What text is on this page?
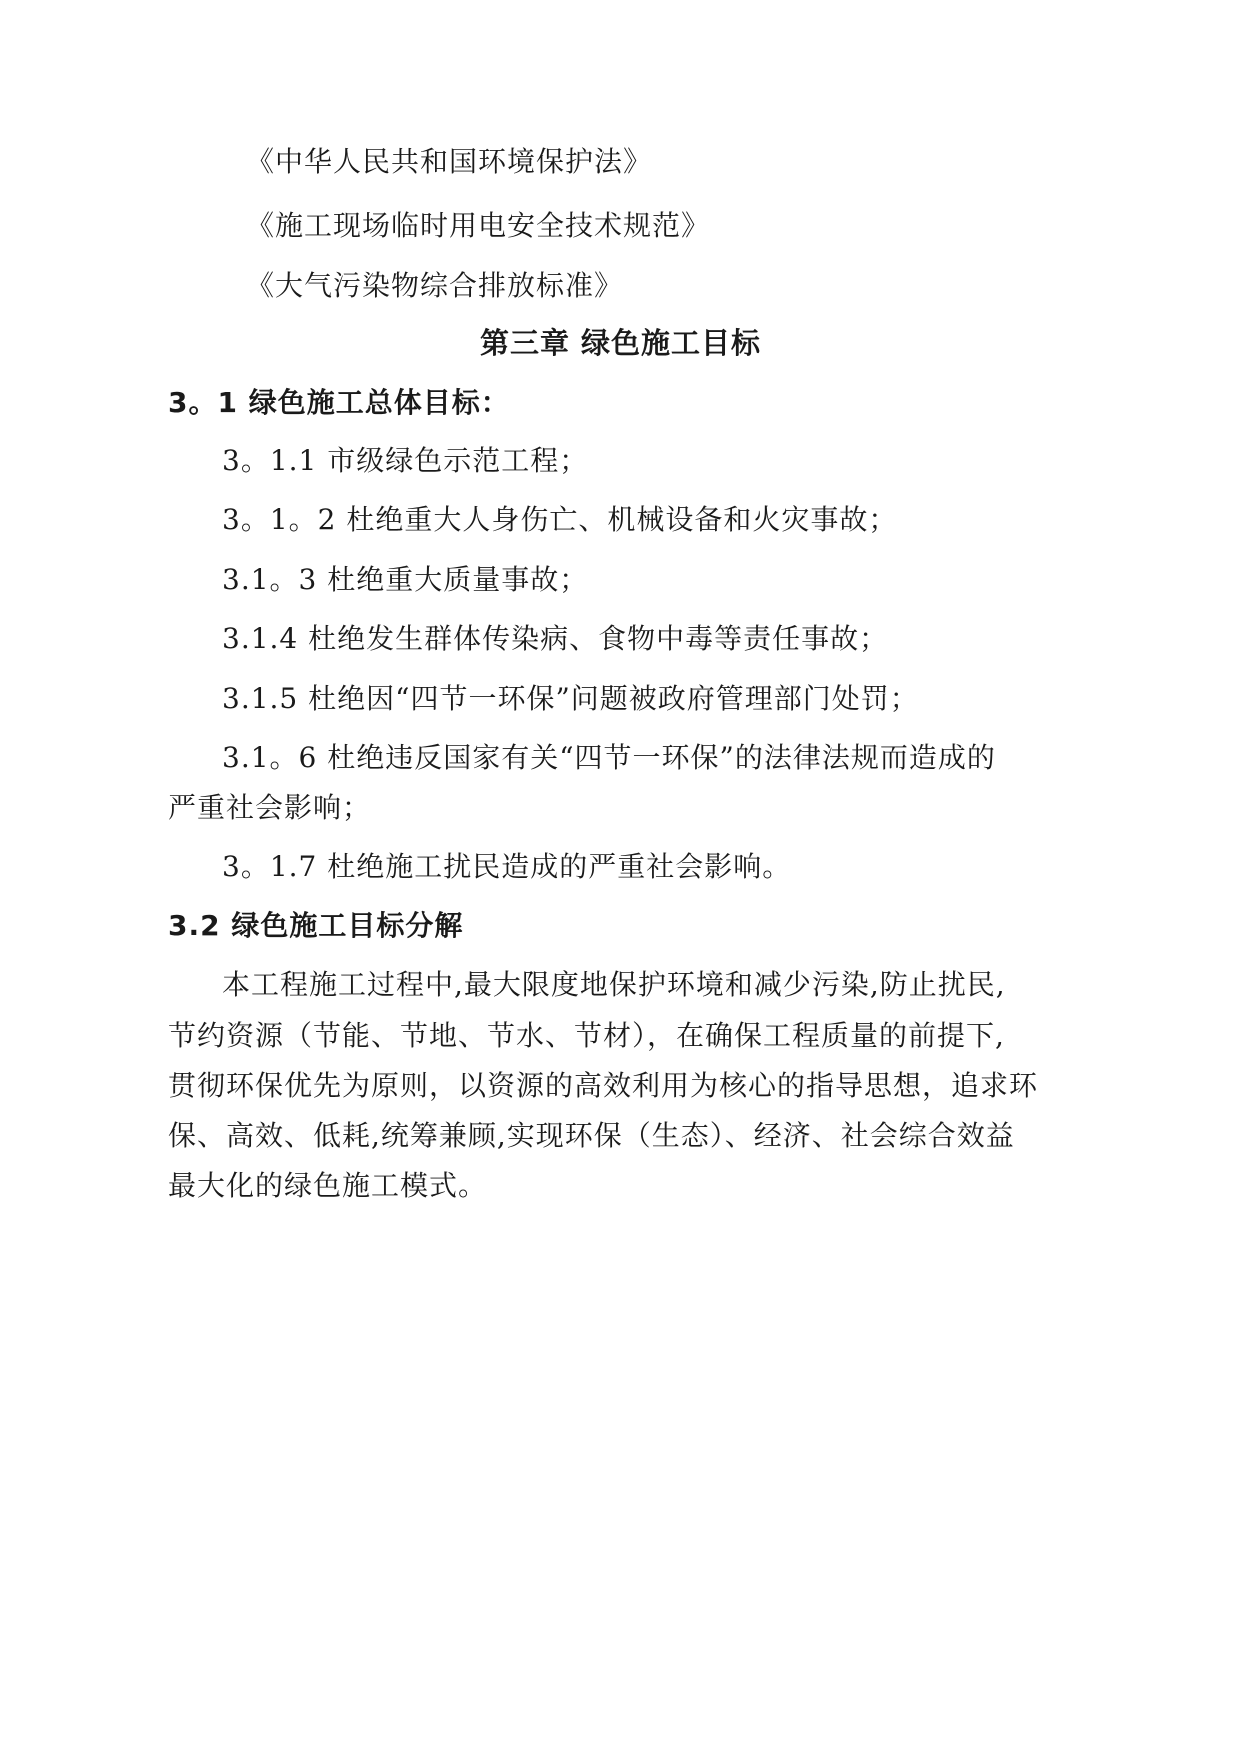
《中华人民共和国环境保护法》
《施工现场临时用电安全技术规范》
《大气污染物综合排放标准》
第三章 绿色施工目标
3。1 绿色施工总体目标：
3。1.1 市级绿色示范工程；
3。1。2 杜绝重大人身伤亡、机械设备和火灾事故；
3.1。3 杜绝重大质量事故；
3.1.4 杜绝发生群体传染病、食物中毒等责任事故；
3.1.5 杜绝因“四节一环保”问题被政府管理部门处罚；
3.1。6 杜绝违反国家有关“四节一环保”的法律法规而造成的
严重社会影响；
3。1.7 杜绝施工扰民造成的严重社会影响。
3.2 绿色施工目标分解
本工程施工过程中,最大限度地保护环境和减少污染,防止扰民,
节约资源（节能、节地、节水、节材），在确保工程质量的前提下,
贯彻环保优先为原则，以资源的高效利用为核心的指导思想，追求环
保、高效、低耗,统筹兼顾,实现环保（生态）、经济、社会综合效益
最大化的绿色施工模式。
